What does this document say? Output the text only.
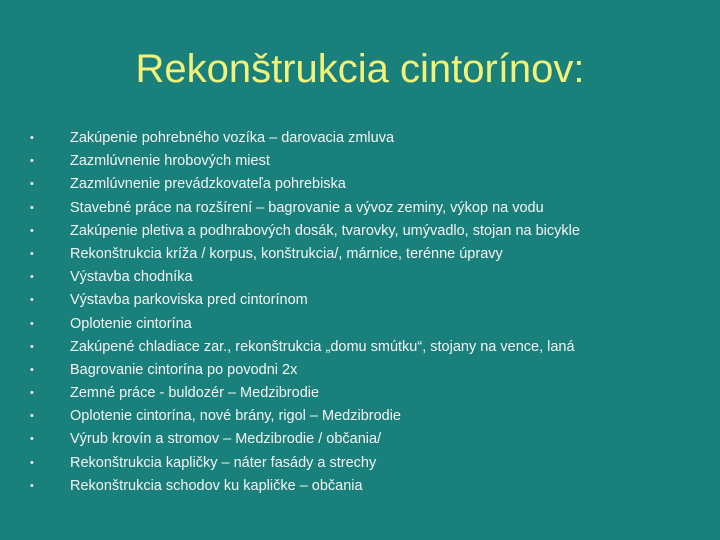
Rekonštrukcia cintorínov:
•	Zakúpenie pohrebného vozíka – darovacia zmluva
•	Zazmlúvnenie hrobových miest
•	Zazmlúvnenie prevádzkovateľa pohrebiska
•	Stavebné práce na rozšírení – bagrovanie a vývoz zeminy, výkop na vodu
•	Zakúpenie pletiva a podhrabových dosák, tvarovky, umývadlo, stojan na bicykle
•	Rekonštrukcia kríža / korpus, konštrukcia/, márnice, terénne úpravy
•	Výstavba chodníka
•	Výstavba parkoviska pred cintorínom
•	Oplotenie cintorína
•	Zakúpené chladiace zar., rekonštrukcia „domu smútku“, stojany na vence, laná
•	Bagrovanie cintorína po povodni 2x
•	Zemné práce - buldozér – Medzibrodie
•	Oplotenie cintorína, nové brány, rigol – Medzibrodie
•	Výrub krovín a stromov – Medzibrodie / občania/
•	Rekonštrukcia kapličky – náter fasády a strechy
•	Rekonštrukcia schodov ku kapličke – občania
